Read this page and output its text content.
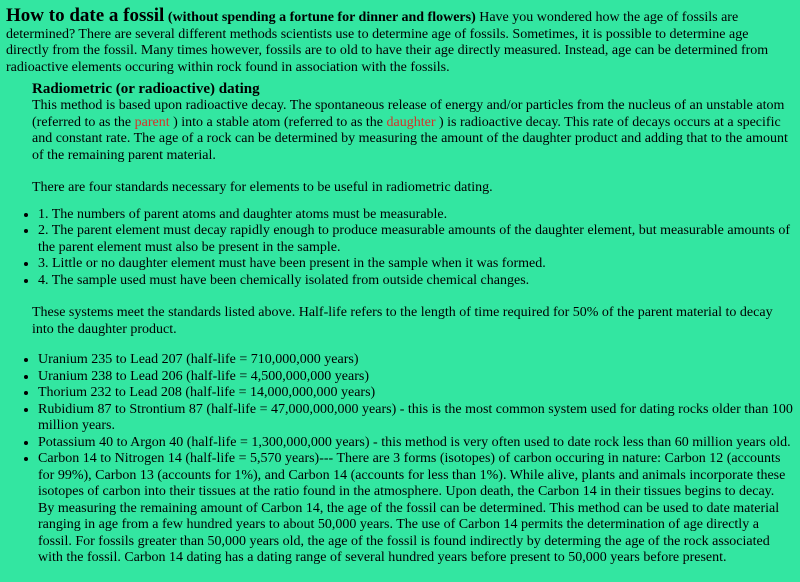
How to date a fossil (without spending a fortune for dinner and flowers) Have you wondered how the age of fossils are determined? There are several different methods scientists use to determine age of fossils. Sometimes, it is possible to determine age directly from the fossil. Many times however, fossils are to old to have their age directly measured. Instead, age can be determined from radioactive elements occuring within rock found in association with the fossils.

Radiometric (or radioactive) dating

This method is based upon radioactive decay. The spontaneous release of energy and/or particles from the nucleus of an unstable atom (referred to as the parent ) into a stable atom (referred to as the daughter ) is radioactive decay. This rate of decays occurs at a specific and constant rate. The age of a rock can be determined by measuring the amount of the daughter product and adding that to the amount of the remaining parent material.

There are four standards necessary for elements to be useful in radiometric dating.

• 1. The numbers of parent atoms and daughter atoms must be measurable.
• 2. The parent element must decay rapidly enough to produce measurable amounts of the daughter element, but measurable amounts of the parent element must also be present in the sample.
• 3. Little or no daughter element must have been present in the sample when it was formed.
• 4. The sample used must have been chemically isolated from outside chemical changes.

These systems meet the standards listed above. Half-life refers to the length of time required for 50% of the parent material to decay into the daughter product.

• Uranium 235 to Lead 207 (half-life = 710,000,000 years)
• Uranium 238 to Lead 206 (half-life = 4,500,000,000 years)
• Thorium 232 to Lead 208 (half-life = 14,000,000,000 years)
• Rubidium 87 to Strontium 87 (half-life = 47,000,000,000 years) - this is the most common system used for dating rocks older than 100 million years.
• Potassium 40 to Argon 40 (half-life = 1,300,000,000 years) - this method is very often used to date rock less than 60 million years old.
• Carbon 14 to Nitrogen 14 (half-life = 5,570 years)--- There are 3 forms (isotopes) of carbon occuring in nature: Carbon 12 (accounts for 99%), Carbon 13 (accounts for 1%), and Carbon 14 (accounts for less than 1%). While alive, plants and animals incorporate these isotopes of carbon into their tissues at the ratio found in the atmosphere. Upon death, the Carbon 14 in their tissues begins to decay. By measuring the remaining amount of Carbon 14, the age of the fossil can be determined. This method can be used to date material ranging in age from a few hundred years to about 50,000 years. The use of Carbon 14 permits the determination of age directly a fossil. For fossils greater than 50,000 years old, the age of the fossil is found indirectly by determing the age of the rock associated with the fossil. Carbon 14 dating has a dating range of several hundred years before present to 50,000 years before present.
